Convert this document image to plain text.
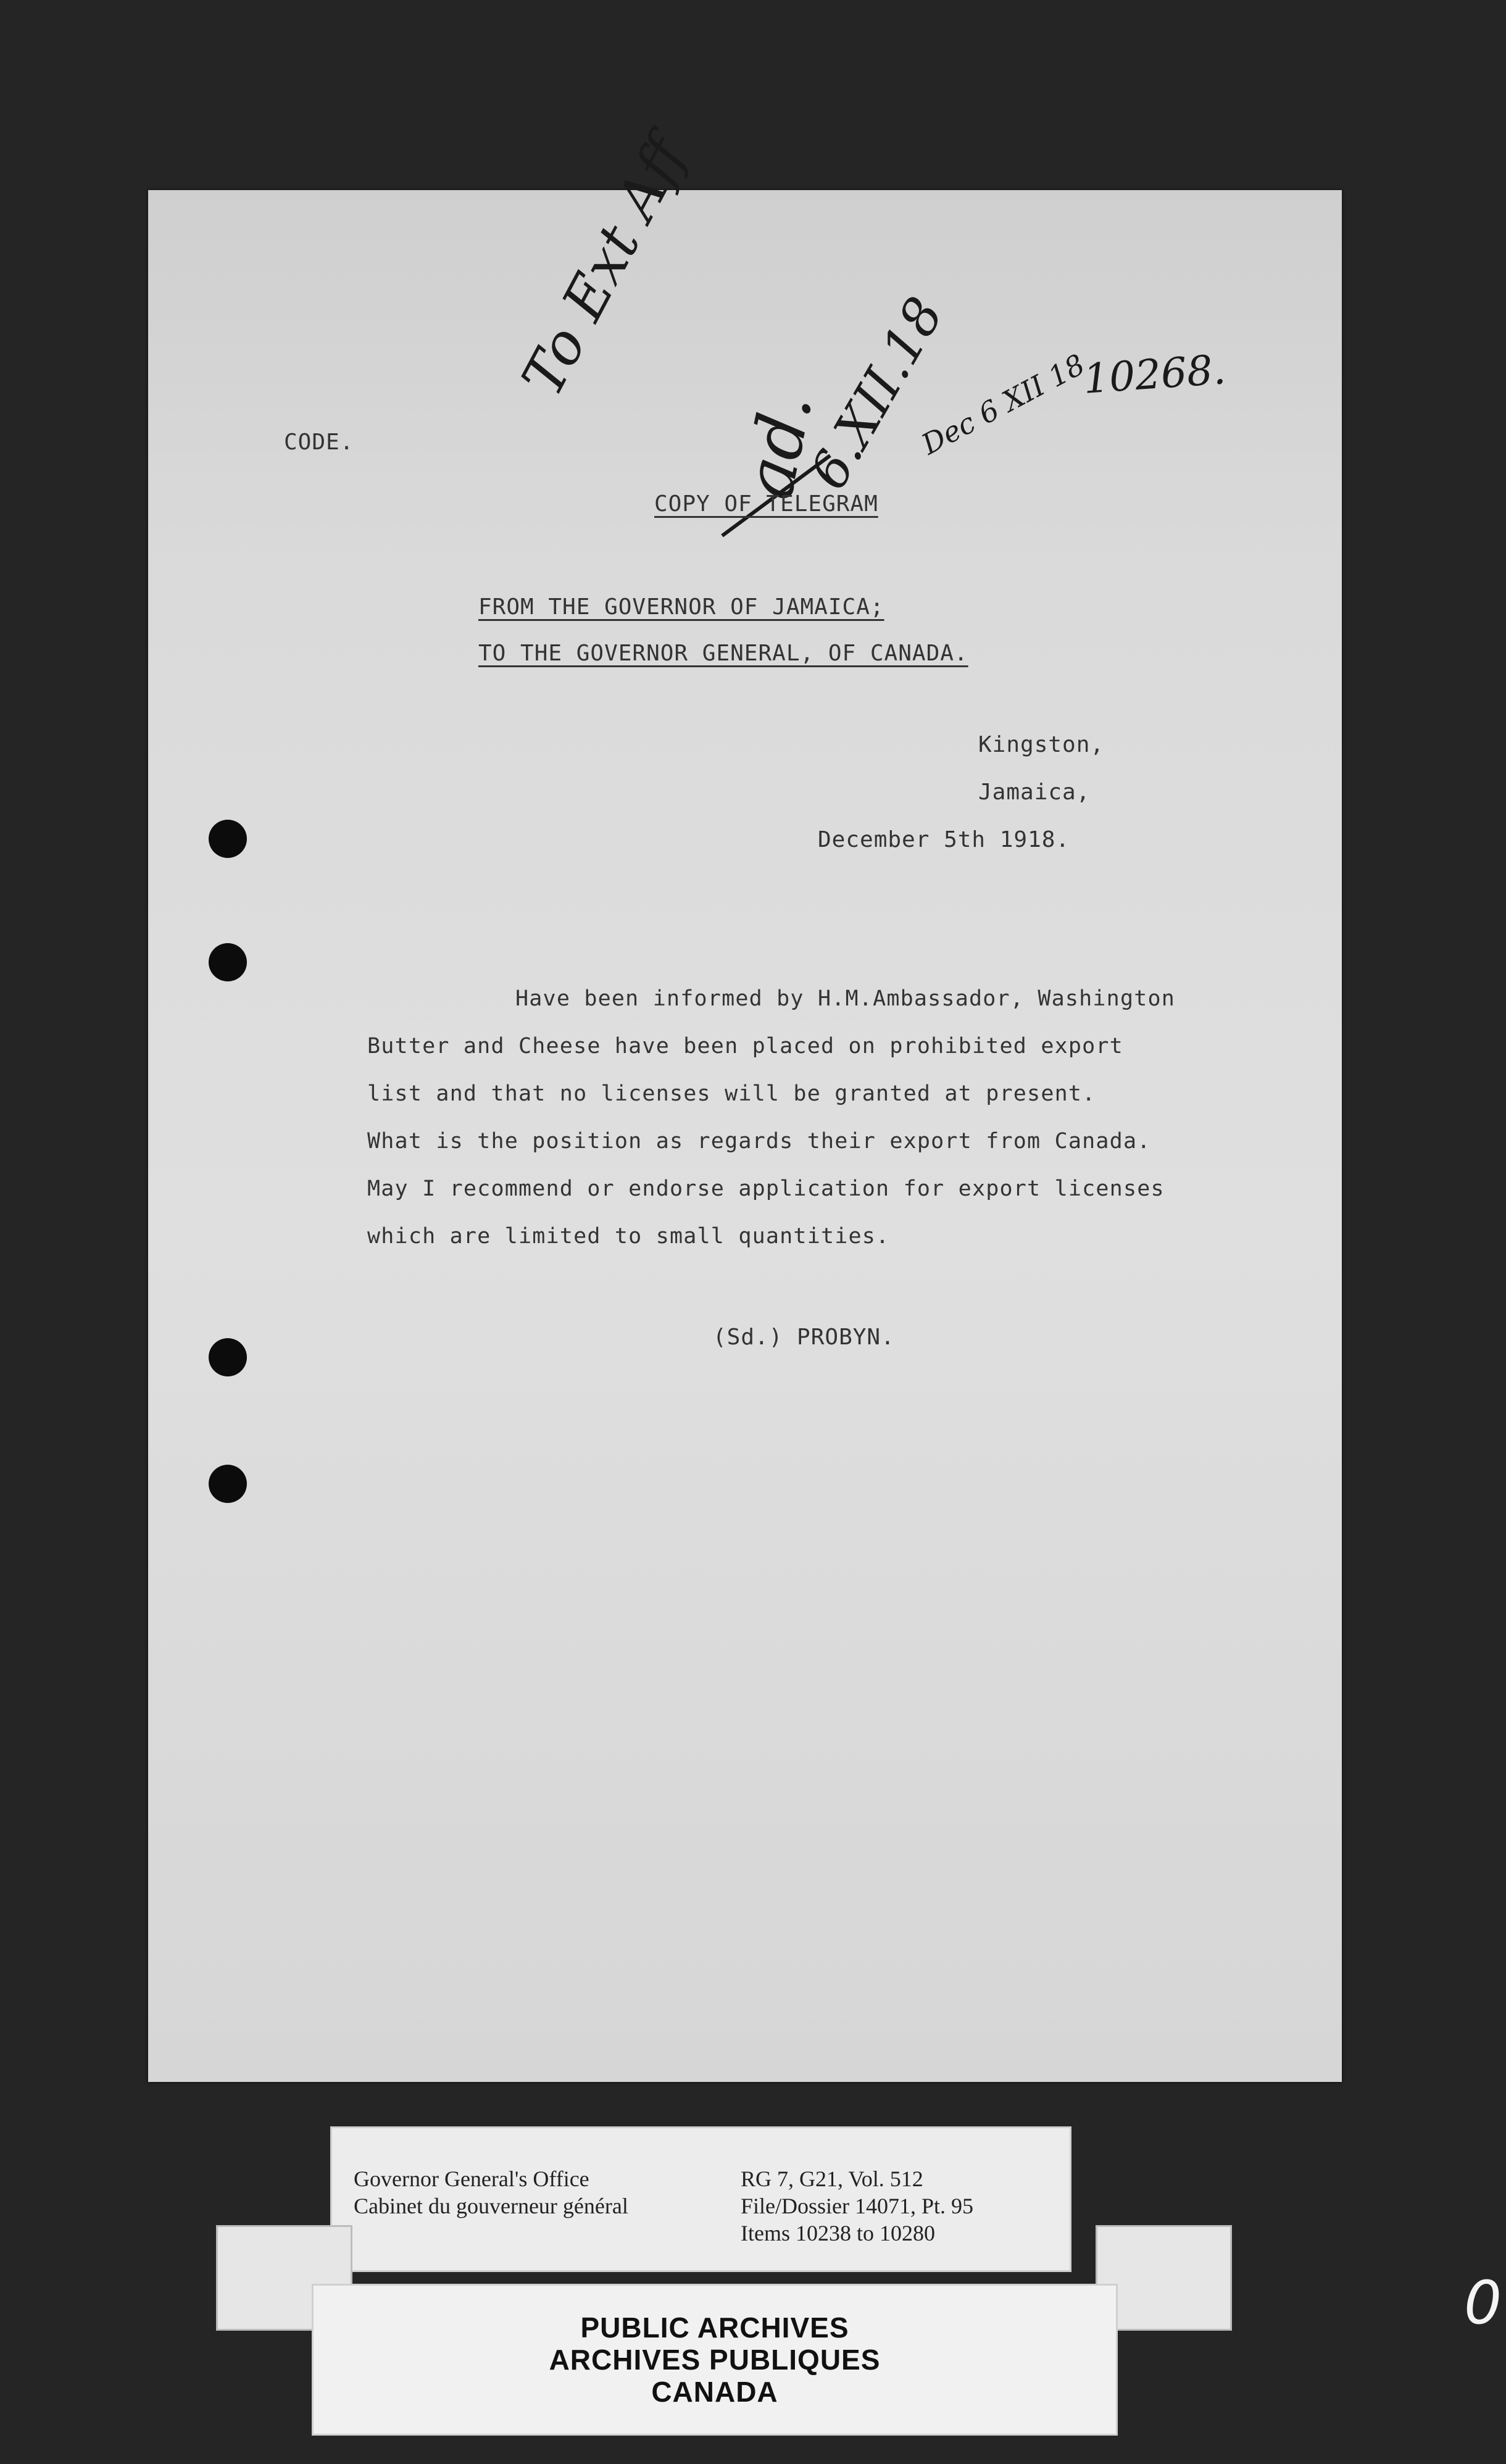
10268.
To Ext Aff
ad.
6.XII.18
Dec 6 XII 18
CODE.
COPY OF TELEGRAM
FROM THE GOVERNOR OF JAMAICA;
TO THE GOVERNOR GENERAL, OF CANADA.
Kingston,
Jamaica,
December 5th 1918.
Have been informed by H.M.Ambassador, Washington
Butter and Cheese have been placed on prohibited export
list and that no licenses will be granted at present.
What is the position as regards their export from Canada.
May I recommend or endorse application for export licenses
which are limited to small quantities.
(Sd.) PROBYN.
Governor General's Office
Cabinet du gouverneur général
RG 7, G21, Vol. 512
File/Dossier 14071, Pt. 95
Items 10238 to 10280
PUBLIC ARCHIVES
ARCHIVES PUBLIQUES
CANADA
0
